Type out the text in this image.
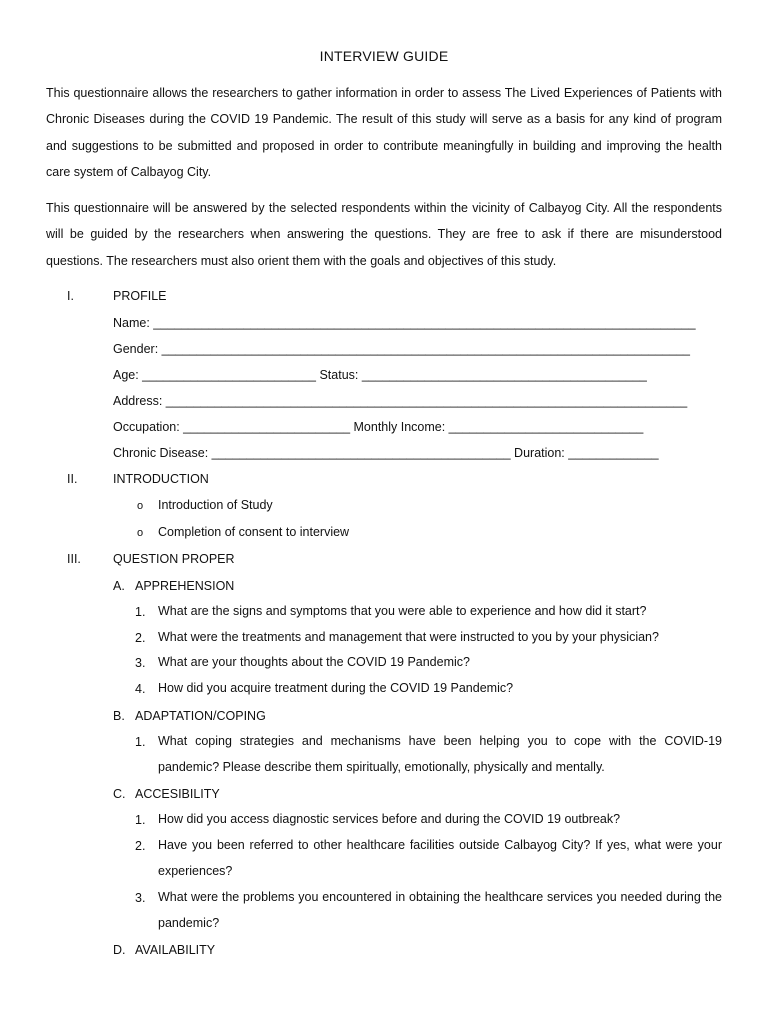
INTERVIEW GUIDE

This questionnaire allows the researchers to gather information in order to assess The Lived Experiences of Patients with Chronic Diseases during the COVID 19 Pandemic. The result of this study will serve as a basis for any kind of program and suggestions to be submitted and proposed in order to contribute meaningfully in building and improving the health care system of Calbayog City.

This questionnaire will be answered by the selected respondents within the vicinity of Calbayog City. All the respondents will be guided by the researchers when answering the questions. They are free to ask if there are misunderstood questions. The researchers must also orient them with the goals and objectives of this study.

I.	PROFILE
Name: ______________________________________________________________________________
Gender: ____________________________________________________________________________
Age: _________________________ Status: _________________________________________
Address: ___________________________________________________________________________
Occupation: ________________________ Monthly Income: ____________________________
Chronic Disease: ___________________________________________ Duration: _____________
II.	INTRODUCTION
o Introduction of Study
o Completion of consent to interview
III.	QUESTION PROPER
A. APPREHENSION
1. What are the signs and symptoms that you were able to experience and how did it start?

2. What were the treatments and management that were instructed to you by your physician?

3. What are your thoughts about the COVID 19 Pandemic?

4. How did you acquire treatment during the COVID 19 Pandemic?

B. ADAPTATION/COPING
1. What coping strategies and mechanisms have been helping you to cope with the COVID-19 pandemic? Please describe them spiritually, emotionally, physically and mentally.

C. ACCESIBILITY
1. How did you access diagnostic services before and during the COVID 19 outbreak?

2. Have you been referred to other healthcare facilities outside Calbayog City? If yes, what were your experiences?

3. What were the problems you encountered in obtaining the healthcare services you needed during the pandemic?

D. AVAILABILITY
